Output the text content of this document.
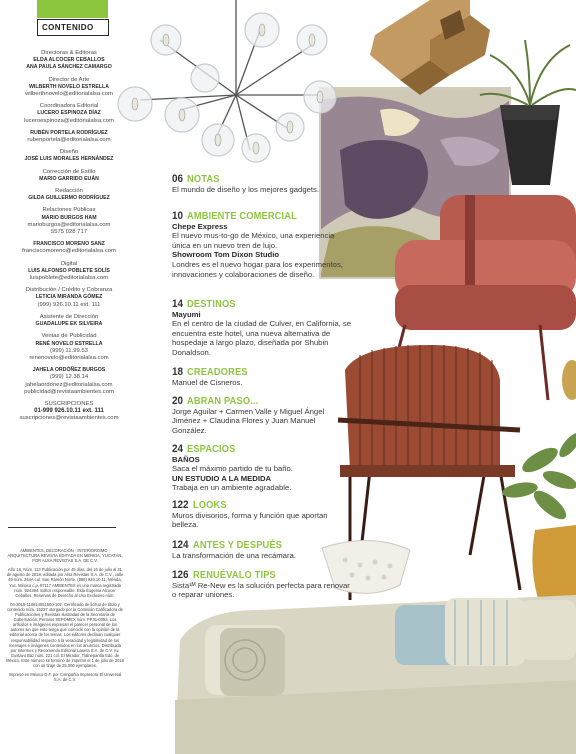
CONTENIDO
Directoras & Editoras
ELDA ALCOCER CEBALLOS
ANA PAULA SÁNCHEZ CAMARGO
Director de Arte
WILBERTH NOVELO ESTRELLA
wilberthnovelo@editorialalsa.com
Coordinadora Editorial
LUCERO ESPINOZA DÍAZ
luceroespinoza@editorialalsa.com
RUBÉN PORTELA RODRÍGUEZ
rubenportela@editorialalsa.com
Diseño
JOSÉ LUIS MORALES HERNÁNDEZ
Corrección de Estilo
MARIO GARRIDO EUÁN
Redacción
GILDA GUILLERMO RODRÍGUEZ
Relaciones Públicas
MARIO BURGOS HAM
marioburgos@editorialalsa.com
5575 028 717
FRANCISCO MORENO SANZ
franciscomoreno@editorialalsa.com
Digital
LUIS ALFONSO POBLETE SOLÍS
luispoblete@editorialalsa.com
Distribución / Crédito y Cobranza
LETICIA MIRANDA GÓMEZ
(999) 926.10.11 ext. 111
Asistente de Dirección
GUADALUPE EK SILVEIRA
Ventas de Publicidad
RENÉ NOVELO ESTRELLA
(999) 11.99.53
renenovelo@editorialalsa.com
JAHELA ORDÓÑEZ BURGOS
(999) 12.38.14
jahelaordonez@editorialalsa.com
publicidad@revistaambientes.com
SUSCRIPCIONES
01-999 926.10.11 ext. 111
suscripciones@revistaambientes.com

AMBIENTES, DECORACIÓN · INTERIORISMO · ARQUITECTURA REVISTA EDITADA EN MÉRIDA, YUCATÁN, POR ALSA REVISTAS S.A. DE C.V.

Año 16, Núm. 113 Publicación por 45 días, del 16 de julio al 31 de agosto de 2018, editada por Alsa Revistas S.A. de C.V., calle 49 núm. 264A col. San Ramón Norte, (999) 926.10.11, Mérida, Yuc. México c.p. 97117 AMBIENTES es una marca registrada núm. 924394. Editor responsable: Elda Eugenia Alcocer Ceballos. Reservas de Derecho al Uso Exclusivo núm.

04-2015-110814051600-102. Certificado de licitud de título y contenido núm. 15237 otorgado por la Comisión Calificadora de Publicaciones y Revistas Ilustradas de la Secretaría de Gobernación. Permiso SEPOMEX núm. PP31-0053. Los artículos e imágenes expresan el parecer personal de los autores sin que esto tenga que coincidir con la opinión de la editorial acerca de los temas. Los editores declinan cualquier responsabilidad respecto a la veracidad y legitimidad de los mensajes e imágenes contenidos en los anuncios. Distribuida por Intermex y Recomendo Editorial Lasera S.A. de C.V. Av. Gustavo Baz núm. 221 col. El Mirador, Tlalnepantla Edo. de México. Este número se terminó de imprimir el 1 de julio de 2018 con un tiraje de 25,000 ejemplares.

Impreso en México D.F. por Compañía Impresora El Universal S.A. de C.V.

06 NOTAS

El mundo de diseño y los mejores gadgets.

10 AMBIENTE COMERCIAL

Chepe Express

El nuevo mus-to-go de México, una experiencia única en un nuevo tren de lujo.

Showroom Tom Dixon Studio

Londres es el nuevo hogar para los experimentos, innovaciones y colaboraciones de diseño.

14 DESTINOS

Mayumi

En el centro de la ciudad de Culver, en California, se encuentra este hotel, una nueva alternativa de hospedaje a largo plazo, diseñada por Shubin Donaldson.

18 CREADORES

Manuel de Cisneros.

20 ABRAN PASO...

Jorge Aguilar + Carmen Valle y Miguel Ángel Jiménez + Claudina Flores y Juan Manuel González.

24 ESPACIOS

BAÑOS

Saca el máximo partido de tu baño.

UN ESTUDIO A LA MEDIDA

Trabaja en un ambiente agradable.

122 LOOKS

Muros divisorios, forma y función que aportan belleza.

124 ANTES Y DESPUÉS

La transformación de una recámara.

126 RENUÉVALO TIPS

Sista¹ᴹ Re-New es la solución perfecta para renovar o reparar uniones.
